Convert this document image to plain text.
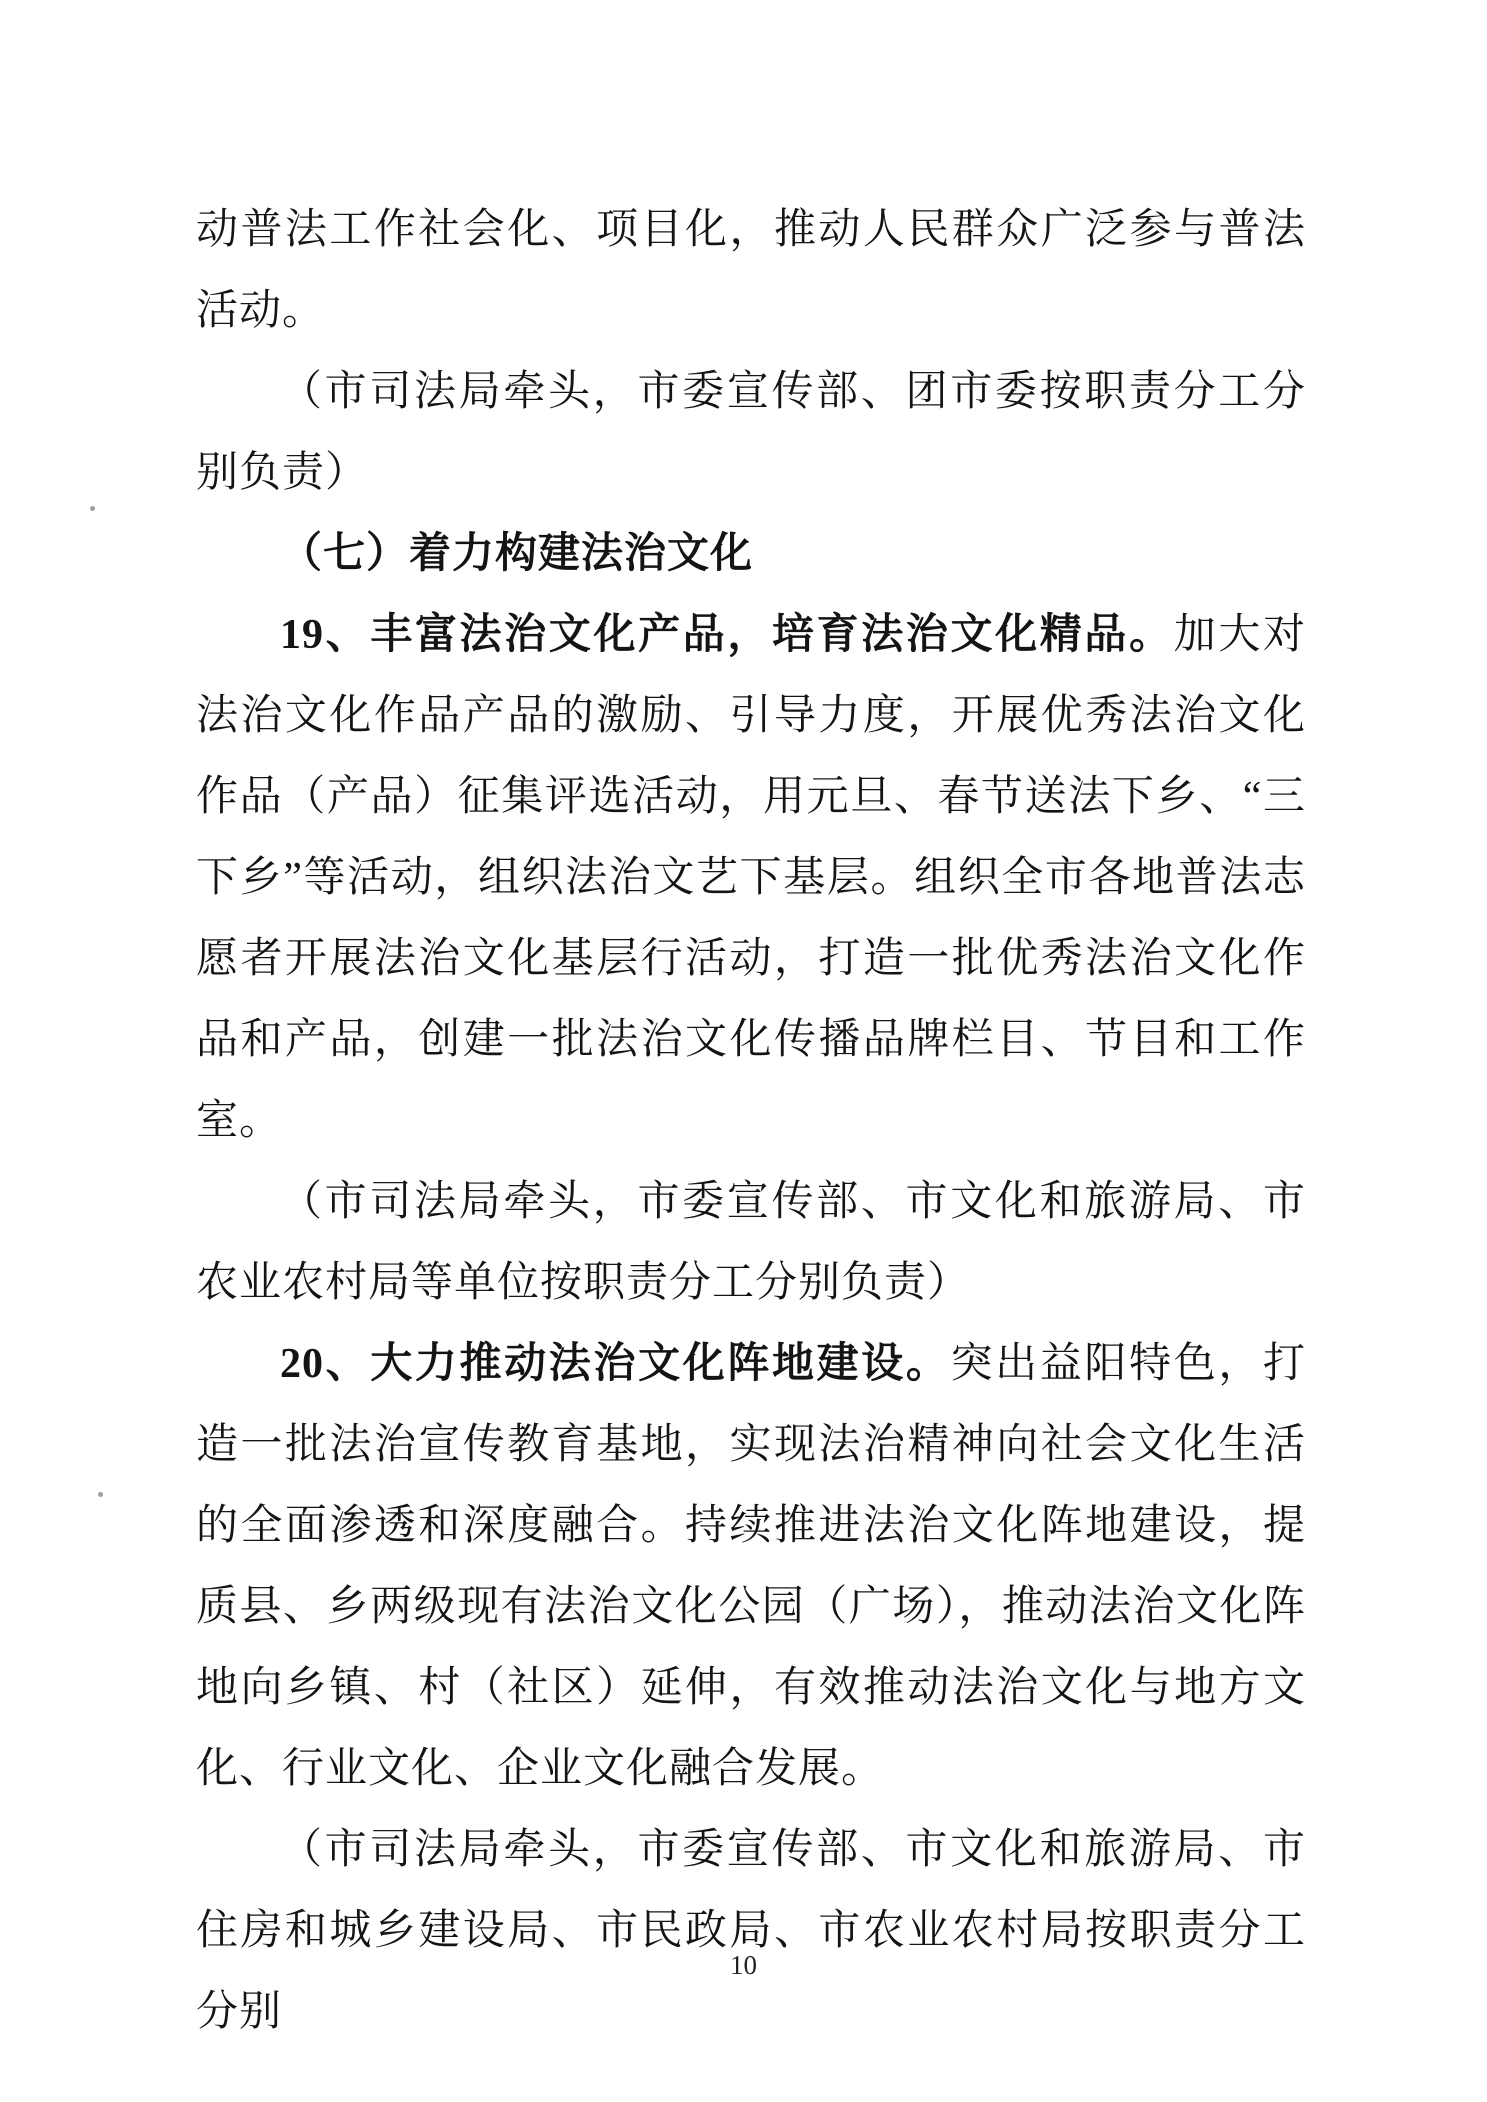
动普法工作社会化、项目化，推动人民群众广泛参与普法活动。

（市司法局牵头，市委宣传部、团市委按职责分工分别负责）

（七）着力构建法治文化

19、丰富法治文化产品，培育法治文化精品。加大对法治文化作品产品的激励、引导力度，开展优秀法治文化作品（产品）征集评选活动，用元旦、春节送法下乡、“三下乡”等活动，组织法治文艺下基层。组织全市各地普法志愿者开展法治文化基层行活动，打造一批优秀法治文化作品和产品，创建一批法治文化传播品牌栏目、节目和工作室。

（市司法局牵头，市委宣传部、市文化和旅游局、市农业农村局等单位按职责分工分别负责）

20、大力推动法治文化阵地建设。突出益阳特色，打造一批法治宣传教育基地，实现法治精神向社会文化生活的全面渗透和深度融合。持续推进法治文化阵地建设，提质县、乡两级现有法治文化公园（广场），推动法治文化阵地向乡镇、村（社区）延伸，有效推动法治文化与地方文化、行业文化、企业文化融合发展。

（市司法局牵头，市委宣传部、市文化和旅游局、市住房和城乡建设局、市民政局、市农业农村局按职责分工分别

10
